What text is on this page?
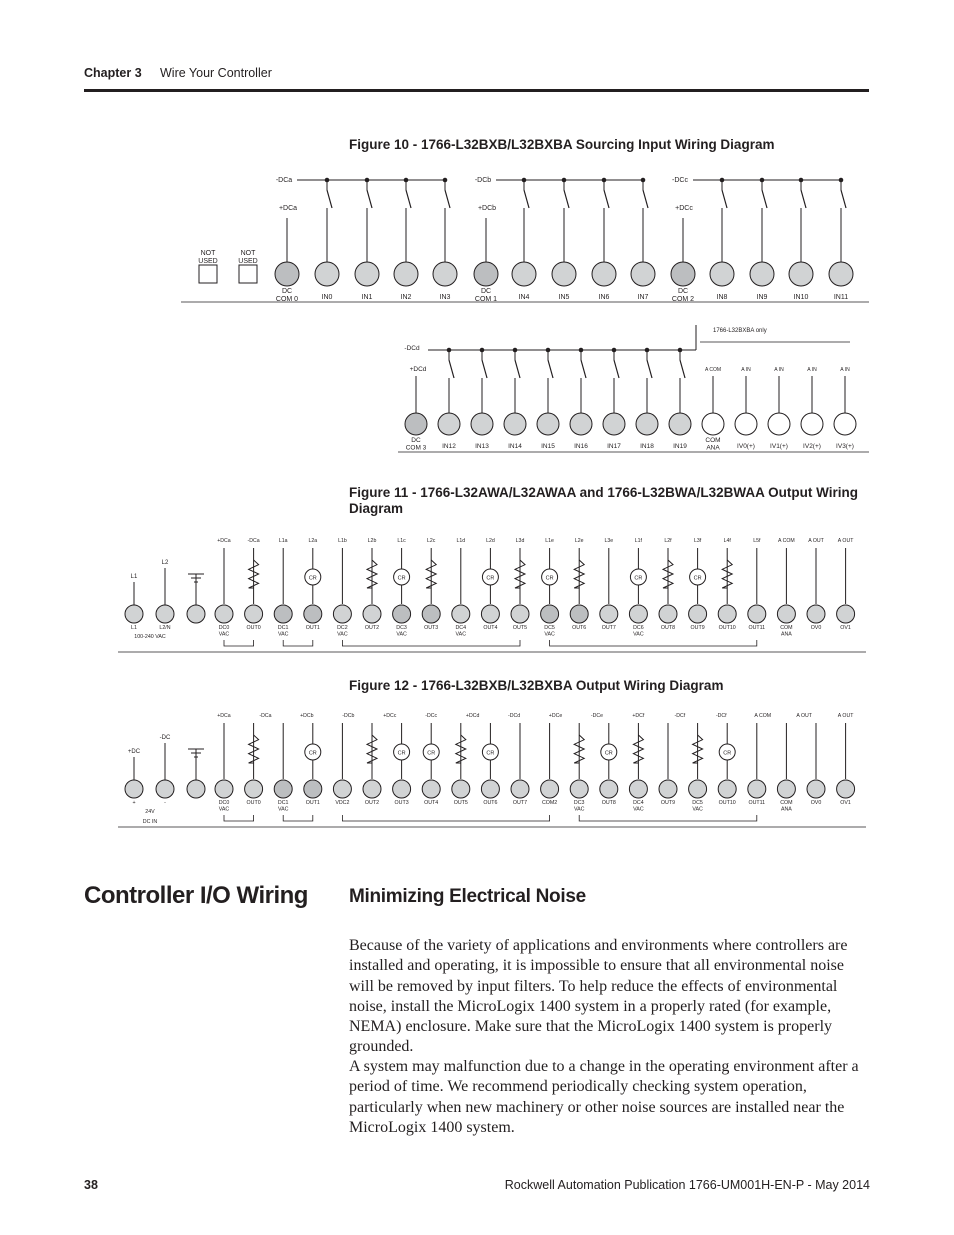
Chapter 3 Wire Your Controller
Figure 10 - 1766-L32BXB/L32BXBA Sourcing Input Wiring Diagram
NOT USED
NOT USED
-DCa
+DCa
-DCb
+DCb
-DCc
+DCc
DC COM 0	IN0	IN1	IN2	IN3
DC COM 1	IN4	IN5	IN6	IN7
DC COM 2	IN8	IN9	IN10	IN11
-DCd
+DCd
1766-L32BXBA only
A COM	A IN	A IN	A IN	A IN
DC COM 3 IN12	IN13	IN14	IN15	IN16	IN17	IN18	IN19
COM ANA	IV0(+) IV1(+) IV2(+) IV3(+)
Figure 11 - 1766-L32AWA/L32AWAA and 1766-L32BWA/L32BWAA Output Wiring Diagram
L1
L2
+DCa	-DCa	L1a	L2a	L1b	L2b	L1c	L2c	L1d	L2d	L3d	L1e	L2e	L3e	L1f	L2f	L3f	L4f	L5f	A COM	A OUT	A OUT
CR	CR	CR	CR	CR	CR
L1	L2/N	DC0 VAC
OUT0	DC1 VAC
OUT1	DC2 VAC
OUT2	DC3 VAC
OUT3	DC4 VAC
OUT4	OUT5	DC5 VAC
OUT6	OUT7	DC6 VAC
OUT8	OUT9	OUT10 OUT11	COM ANA
OV0	OV1
100-240 VAC
Figure 12 - 1766-L32BXB/L32BXBA Output Wiring Diagram
+DC
-DC
+DCa	-DCa	+DCb	-DCb	+DCc	-DCc	+DCd	-DCd	+DCe	-DCe	+DCf	-DCf	-DCf	A COM	A OUT	A OUT
CR	CR	CR	CR	CR	CR
+	-	DC0 VAC
OUT0	DC1 VAC
OUT1	VDC2	OUT2	OUT3	OUT4	OUT5	OUT6	OUT7	COM2	DC3 VAC
OUT8	DC4 VAC
OUT9	DC5 VAC
OUT10 OUT11	COM ANA
OV0	OV1
24V
DC IN
Controller I/O Wiring Minimizing Electrical Noise

Because of the variety of applications and environments where controllers are installed and operating, it is impossible to ensure that all environmental noise will be removed by input filters. To help reduce the effects of environmental noise, install the MicroLogix 1400 system in a properly rated (for example, NEMA) enclosure. Make sure that the MicroLogix 1400 system is properly grounded.

A system may malfunction due to a change in the operating environment after a period of time. We recommend periodically checking system operation, particularly when new machinery or other noise sources are installed near the MicroLogix 1400 system.

38	Rockwell Automation Publication 1766-UM001H-EN-P - May 2014
